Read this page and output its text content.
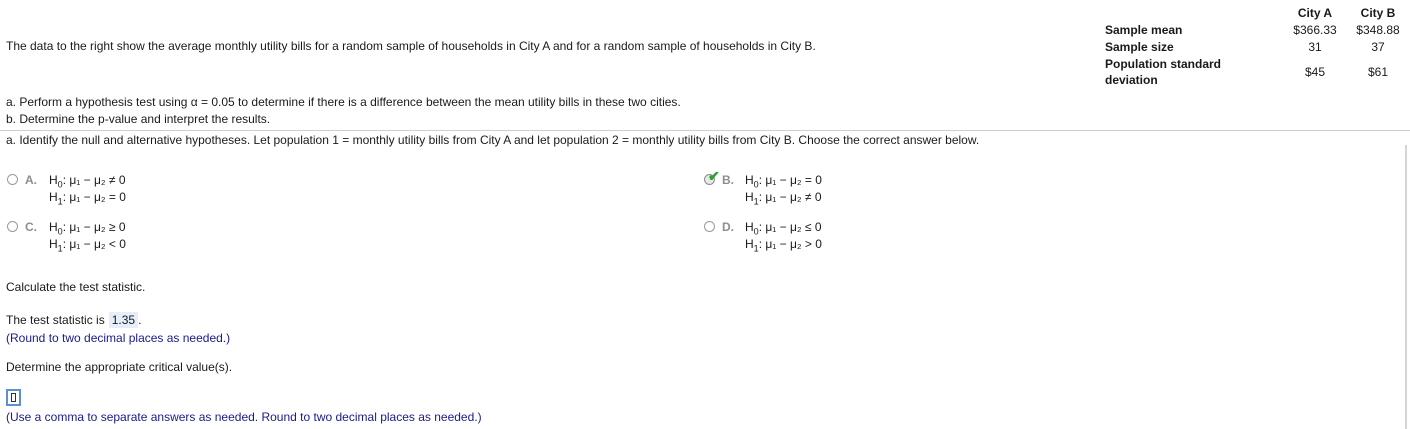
The data to the right show the average monthly utility bills for a random sample of households in City A and for a random sample of households in City B.
City A	City B
Sample mean	$366.33	$348.88
Sample size	31	37
Population standard
deviation
$45	$61
a. Perform a hypothesis test using α = 0.05 to determine if there is a difference between the mean utility bills in these two cities.
b. Determine the p-value and interpret the results.
a. Identify the null and alternative hypotheses. Let population 1 = monthly utility bills from City A and let population 2 = monthly utility bills from City B. Choose the correct answer below.
A. $H_0$: μ₁ − μ₂ ≠ 0
$H_1$: μ₁ − μ₂ = 0
✔ B. $H_0$: μ₁ − μ₂ = 0
$H_1$: μ₁ − μ₂ ≠ 0
C. $H_0$: μ₁ − μ₂ ≥ 0
$H_1$: μ₁ − μ₂ < 0
D. $H_0$: μ₁ − μ₂ ≤ 0
$H_1$: μ₁ − μ₂ > 0
Calculate the test statistic.
The test statistic is 1.35 .
(Round to two decimal places as needed.)
Determine the appropriate critical value(s).
(Use a comma to separate answers as needed. Round to two decimal places as needed.)
